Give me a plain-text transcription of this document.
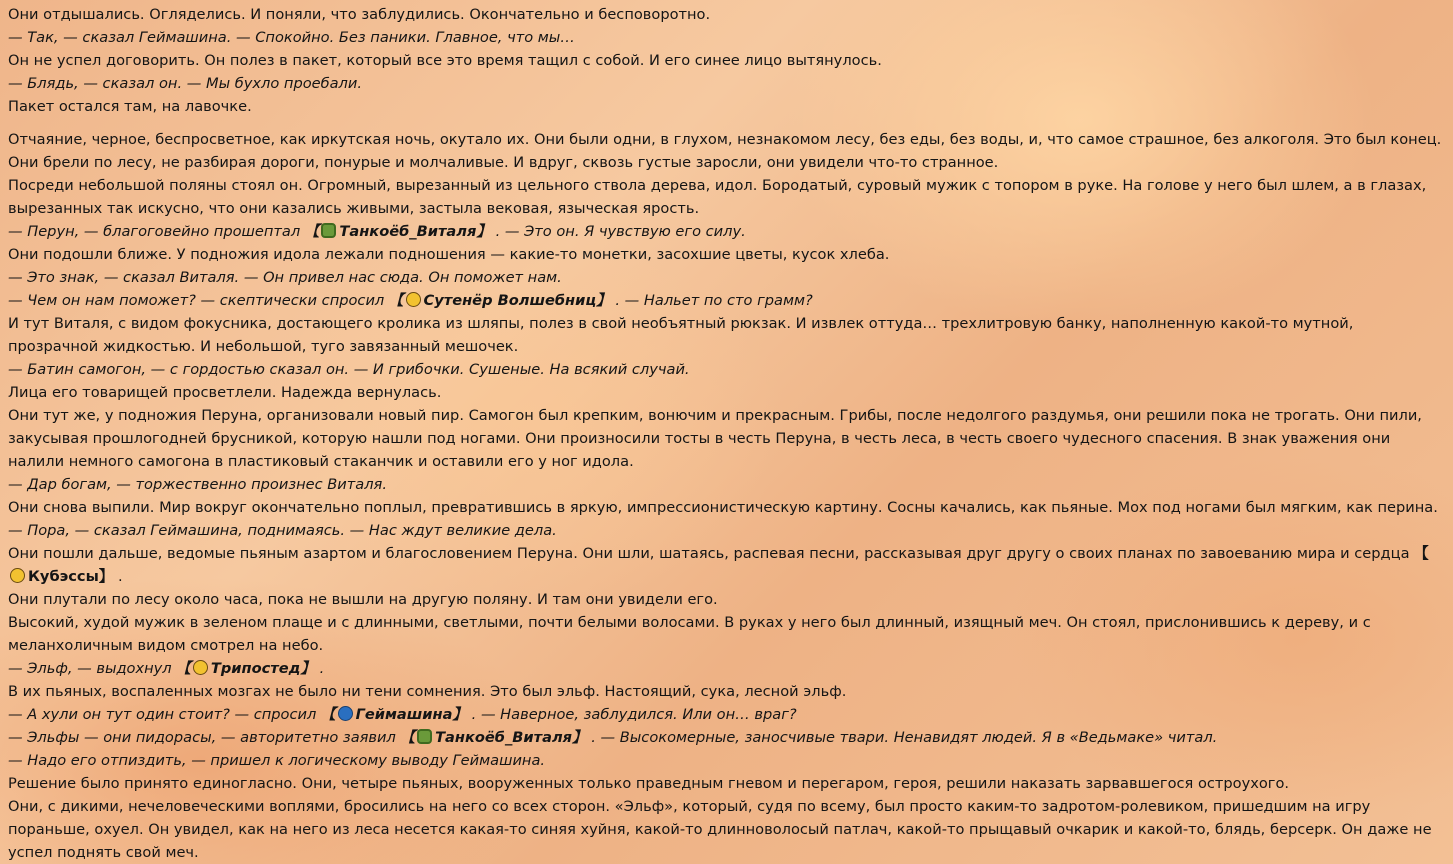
Они отдышались. Огляделись. И поняли, что заблудились. Окончательно и бесповоротно.

— Так, — сказал Геймашина. — Спокойно. Без паники. Главное, что мы…

Он не успел договорить. Он полез в пакет, который все это время тащил с собой. И его синее лицо вытянулось.

— Блядь, — сказал он. — Мы бухло проебали.

Пакет остался там, на лавочке.

Отчаяние, черное, беспросветное, как иркутская ночь, окутало их. Они были одни, в глухом, незнакомом лесу, без еды, без воды, и, что самое страшное, без алкоголя. Это был конец.

Они брели по лесу, не разбирая дороги, понурые и молчаливые. И вдруг, сквозь густые заросли, они увидели что-то странное.

Посреди небольшой поляны стоял он. Огромный, вырезанный из цельного ствола дерева, идол. Бородатый, суровый мужик с топором в руке. На голове у него был шлем, а в глазах, вырезанных так искусно, что они казались живыми, застыла вековая, языческая ярость.

— Перун, — благоговейно прошептал 【 Танкоёб_Виталя】 . — Это он. Я чувствую его силу.

Они подошли ближе. У подножия идола лежали подношения — какие-то монетки, засохшие цветы, кусок хлеба.

— Это знак, — сказал Виталя. — Он привел нас сюда. Он поможет нам.

— Чем он нам поможет? — скептически спросил 【 Сутенёр Волшебниц】 . — Нальет по сто грамм?

И тут Виталя, с видом фокусника, достающего кролика из шляпы, полез в свой необъятный рюкзак. И извлек оттуда… трехлитровую банку, наполненную какой-то мутной, прозрачной жидкостью. И небольшой, туго завязанный мешочек.

— Батин самогон, — с гордостью сказал он. — И грибочки. Сушеные. На всякий случай.

Лица его товарищей просветлели. Надежда вернулась.

Они тут же, у подножия Перуна, организовали новый пир. Самогон был крепким, вонючим и прекрасным. Грибы, после недолгого раздумья, они решили пока не трогать. Они пили, закусывая прошлогодней брусникой, которую нашли под ногами. Они произносили тосты в честь Перуна, в честь леса, в честь своего чудесного спасения. В знак уважения они налили немного самогона в пластиковый стаканчик и оставили его у ног идола.

— Дар богам, — торжественно произнес Виталя.

Они снова выпили. Мир вокруг окончательно поплыл, превратившись в яркую, импрессионистическую картину. Сосны качались, как пьяные. Мох под ногами был мягким, как перина.

— Пора, — сказал Геймашина, поднимаясь. — Нас ждут великие дела.

Они пошли дальше, ведомые пьяным азартом и благословением Перуна. Они шли, шатаясь, распевая песни, рассказывая друг другу о своих планах по завоеванию мира и сердца 【Кубэссы】 .

Они плутали по лесу около часа, пока не вышли на другую поляну. И там они увидели его.

Высокий, худой мужик в зеленом плаще и с длинными, светлыми, почти белыми волосами. В руках у него был длинный, изящный меч. Он стоял, прислонившись к дереву, и с меланхоличным видом смотрел на небо.

— Эльф, — выдохнул 【 Трипостед】 .

В их пьяных, воспаленных мозгах не было ни тени сомнения. Это был эльф. Настоящий, сука, лесной эльф.

— А хули он тут один стоит? — спросил 【 Геймашина】 . — Наверное, заблудился. Или он… враг?

— Эльфы — они пидорасы, — авторитетно заявил 【 Танкоёб_Виталя】 . — Высокомерные, заносчивые твари. Ненавидят людей. Я в «Ведьмаке» читал.

— Надо его отпиздить, — пришел к логическому выводу Геймашина.

Решение было принято единогласно. Они, четыре пьяных, вооруженных только праведным гневом и перегаром, героя, решили наказать зарвавшегося остроухого.

Они, с дикими, нечеловеческими воплями, бросились на него со всех сторон. «Эльф», который, судя по всему, был просто каким-то задротом-ролевиком, пришедшим на игру пораньше, охуел. Он увидел, как на него из леса несется какая-то синяя хуйня, какой-то длинноволосый патлач, какой-то прыщавый очкарик и какой-то, блядь, берсерк. Он даже не успел поднять свой меч.
